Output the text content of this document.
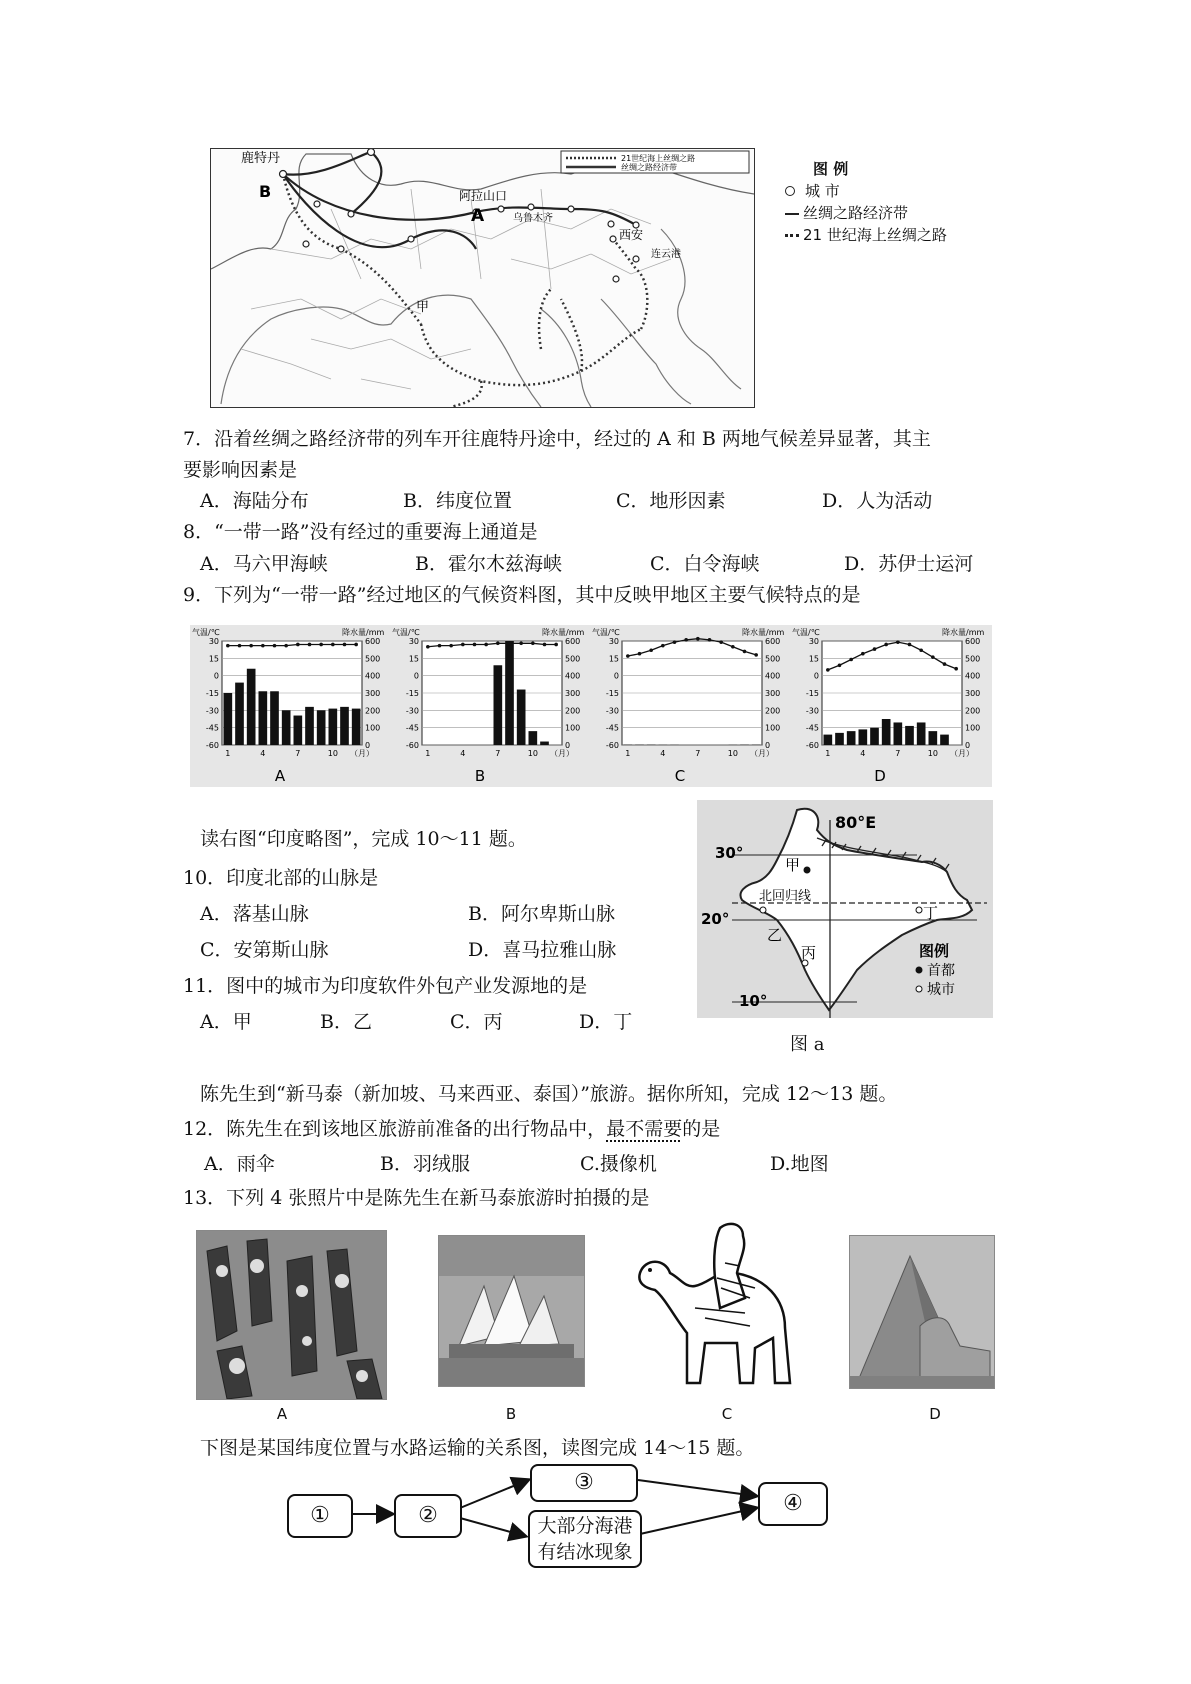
21世纪海上丝绸之路
丝绸之路经济带
鹿特丹
B
A
阿拉山口
乌鲁木齐
西安
连云港
甲
图 例
城 市
丝绸之路经济带
21 世纪海上丝绸之路
7．沿着丝绸之路经济带的列车开往鹿特丹途中，经过的 A 和 B 两地气候差异显著，其主
要影响因素是
A．海陆分布	B．纬度位置	C．地形因素	D．人为活动
8．“一带一路”没有经过的重要海上通道是
A．马六甲海峡	B．霍尔木兹海峡	C．白令海峡	D．苏伊士运河
9．下列为“一带一路”经过地区的气候资料图，其中反映甲地区主要气候特点的是
30
15
0
-15
-30
-45
-60
600
500
400
300
200
100
0
气温/℃	降水量/mm
1	4	7	10 （月）
A
30
15
0
-15
-30
-45
-60
600
500
400
300
200
100
0
气温/℃	降水量/mm
1	4	7	10 （月）
B
30
15
0
-15
-30
-45
-60
600
500
400
300
200
100
0
气温/℃	降水量/mm
1	4	7	10 （月）
C
30
15
0
-15
-30
-45
-60
600
500
400
300
200
100
0
气温/℃	降水量/mm
1	4	7	10 （月）
D
读右图“印度略图”，完成 10～11 题。
10．印度北部的山脉是
A．落基山脉	B．阿尔卑斯山脉
C．安第斯山脉	D．喜马拉雅山脉
11．图中的城市为印度软件外包产业发源地的是
A．甲	B．乙	C．丙	D．丁
80°E
30°
20°
10°
北回归线
甲
乙
丙
丁
图例
首都
城市
图 a
陈先生到“新马泰（新加坡、马来西亚、泰国）”旅游。据你所知，完成 12～13 题。
12．陈先生在到该地区旅游前准备的出行物品中，最不需要的是
A．雨伞	B．羽绒服	C.摄像机	D.地图
13．下列 4 张照片中是陈先生在新马泰旅游时拍摄的是
A	B	C	D
下图是某国纬度位置与水路运输的关系图，读图完成 14～15 题。
①	②
③
大部分海港
有结冰现象
④
